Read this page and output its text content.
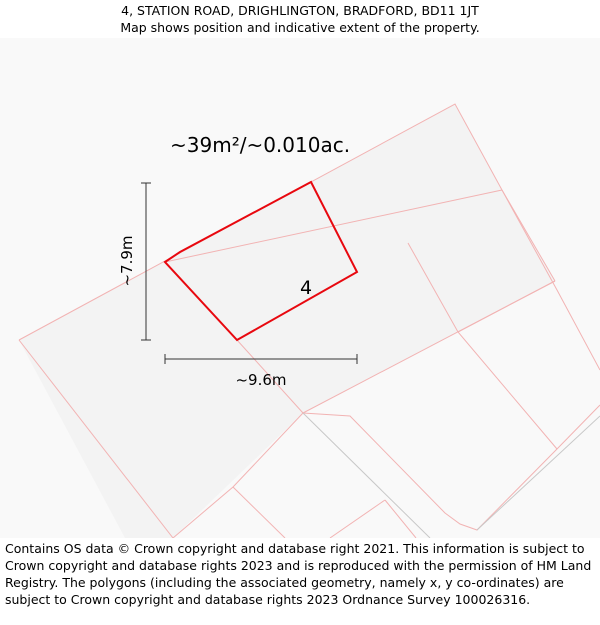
4, STATION ROAD, DRIGHLINGTON, BRADFORD, BD11 1JT
Map shows position and indicative extent of the property.
~39m²/~0.010ac.
~7.9m
~9.6m
4
Contains OS data © Crown copyright and database right 2021. This information is subject to Crown copyright and database rights 2023 and is reproduced with the permission of HM Land Registry. The polygons (including the associated geometry, namely x, y co-ordinates) are subject to Crown copyright and database rights 2023 Ordnance Survey 100026316.
